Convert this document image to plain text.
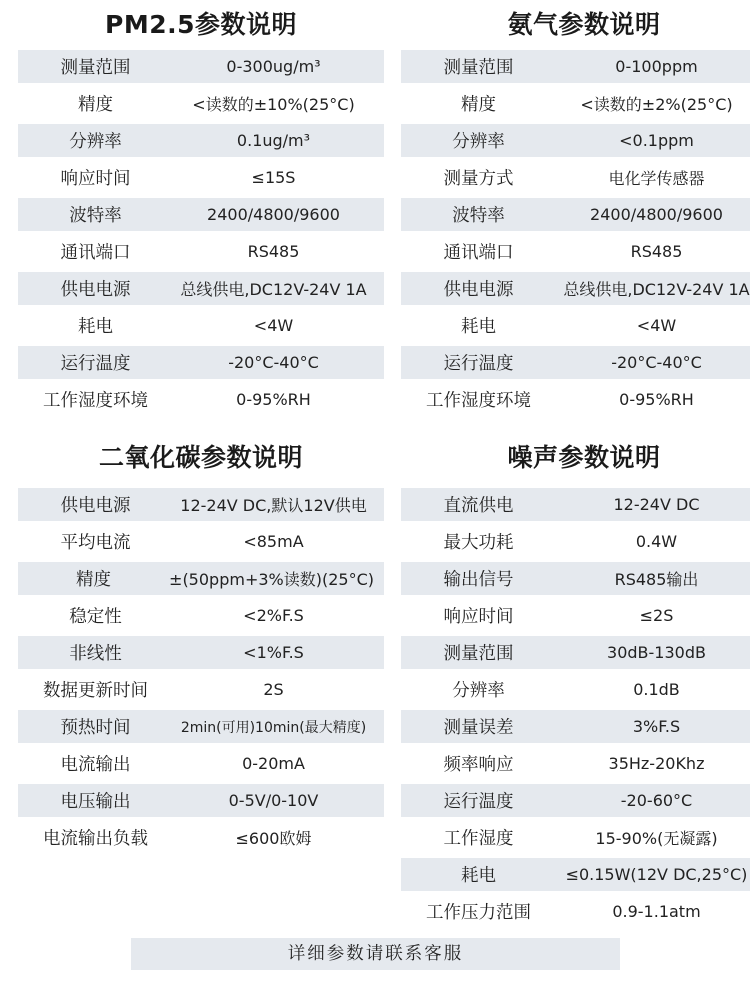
PM2.5参数说明
测量范围	0-300ug/m³
精度	<读数的±10%(25°C)
分辨率	0.1ug/m³
响应时间	≤15S
波特率	2400/4800/9600
通讯端口	RS485
供电电源	总线供电,DC12V-24V 1A
耗电	<4W
运行温度	-20°C-40°C
工作湿度环境	0-95%RH
氨气参数说明
测量范围	0-100ppm
精度	<读数的±2%(25°C)
分辨率	<0.1ppm
测量方式	电化学传感器
波特率	2400/4800/9600
通讯端口	RS485
供电电源	总线供电,DC12V-24V 1A
耗电	<4W
运行温度	-20°C-40°C
工作湿度环境	0-95%RH
二氧化碳参数说明
供电电源	12-24V DC,默认12V供电
平均电流	<85mA
精度	±(50ppm+3%读数)(25°C)
稳定性	<2%F.S
非线性	<1%F.S
数据更新时间	2S
预热时间	2min(可用)10min(最大精度)
电流输出	0-20mA
电压输出	0-5V/0-10V
电流输出负载	≤600欧姆
噪声参数说明
直流供电	12-24V DC
最大功耗	0.4W
输出信号	RS485输出
响应时间	≤2S
测量范围	30dB-130dB
分辨率	0.1dB
测量误差	3%F.S
频率响应	35Hz-20Khz
运行温度	-20-60°C
工作湿度	15-90%(无凝露)
耗电	≤0.15W(12V DC,25°C)
工作压力范围	0.9-1.1atm
详细参数请联系客服
